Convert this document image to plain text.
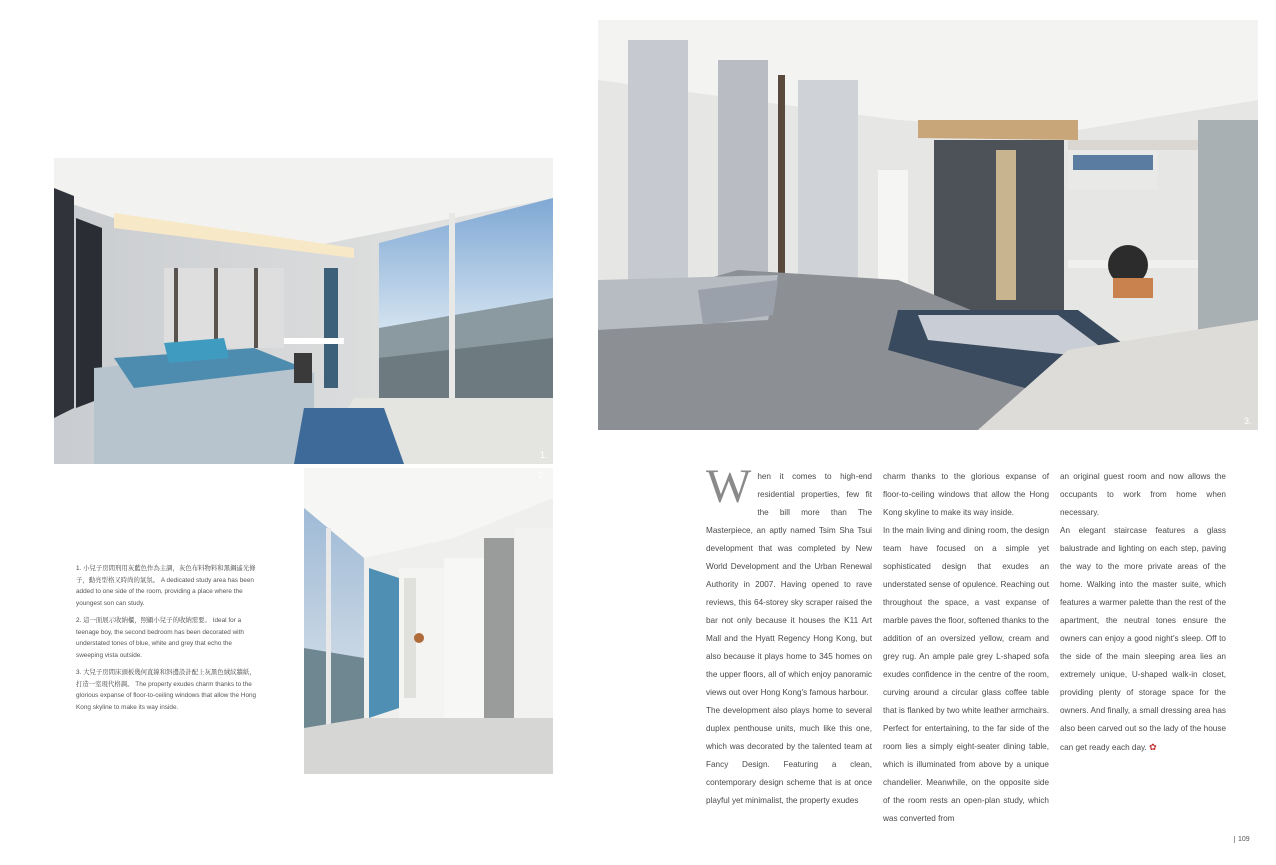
1.
2.
3.

1. 小兒子房間刑用灰藍色作為主調，灰色布料物料和黑鋼遙光條子，動亮型格又時尚的氣氛。 A dedicated study area has been added to one side of the room, providing a place where the youngest son can study.

2. 這一面展示收納櫃，照顧小兒子的收納需要。 Ideal for a teenage boy, the second bedroom has been decorated with understated tones of blue, white and grey that echo the sweeping vista outside.

3. 大兒子房間床頭板幾何直線和斜邊設計配上灰黑色絨紋牆紙，打造一室現代格調。 The property exudes charm thanks to the glorious expanse of floor-to-ceiling windows that allow the Hong Kong skyline to make its way inside.

W hen it comes to high-end residential properties, few fit the bill more than The Masterpiece, an aptly named Tsim Sha Tsui development that was completed by New World Development and the Urban Renewal Authority in 2007. Having opened to rave reviews, this 64-storey sky scraper raised the bar not only because it houses the K11 Art Mall and the Hyatt Regency Hong Kong, but also because it plays home to 345 homes on the upper floors, all of which enjoy panoramic views out over Hong Kong's famous harbour.

The development also plays home to several duplex penthouse units, much like this one, which was decorated by the talented team at Fancy Design. Featuring a clean, contemporary design scheme that is at once playful yet minimalist, the property exudes

charm thanks to the glorious expanse of floor-to-ceiling windows that allow the Hong Kong skyline to make its way inside.

In the main living and dining room, the design team have focused on a simple yet sophisticated design that exudes an understated sense of opulence. Reaching out throughout the space, a vast expanse of marble paves the floor, softened thanks to the addition of an oversized yellow, cream and grey rug. An ample pale grey L-shaped sofa exudes confidence in the centre of the room, curving around a circular glass coffee table that is flanked by two white leather armchairs. Perfect for entertaining, to the far side of the room lies a simply eight-seater dining table, which is illuminated from above by a unique chandelier. Meanwhile, on the opposite side of the room rests an open-plan study, which was converted from

an original guest room and now allows the occupants to work from home when necessary.

An elegant staircase features a glass balustrade and lighting on each step, paving the way to the more private areas of the home. Walking into the master suite, which features a warmer palette than the rest of the apartment, the neutral tones ensure the owners can enjoy a good night's sleep. Off to the side of the main sleeping area lies an extremely unique, U-shaped walk-in closet, providing plenty of storage space for the owners. And finally, a small dressing area has also been carved out so the lady of the house can get ready each day. ✿

109
